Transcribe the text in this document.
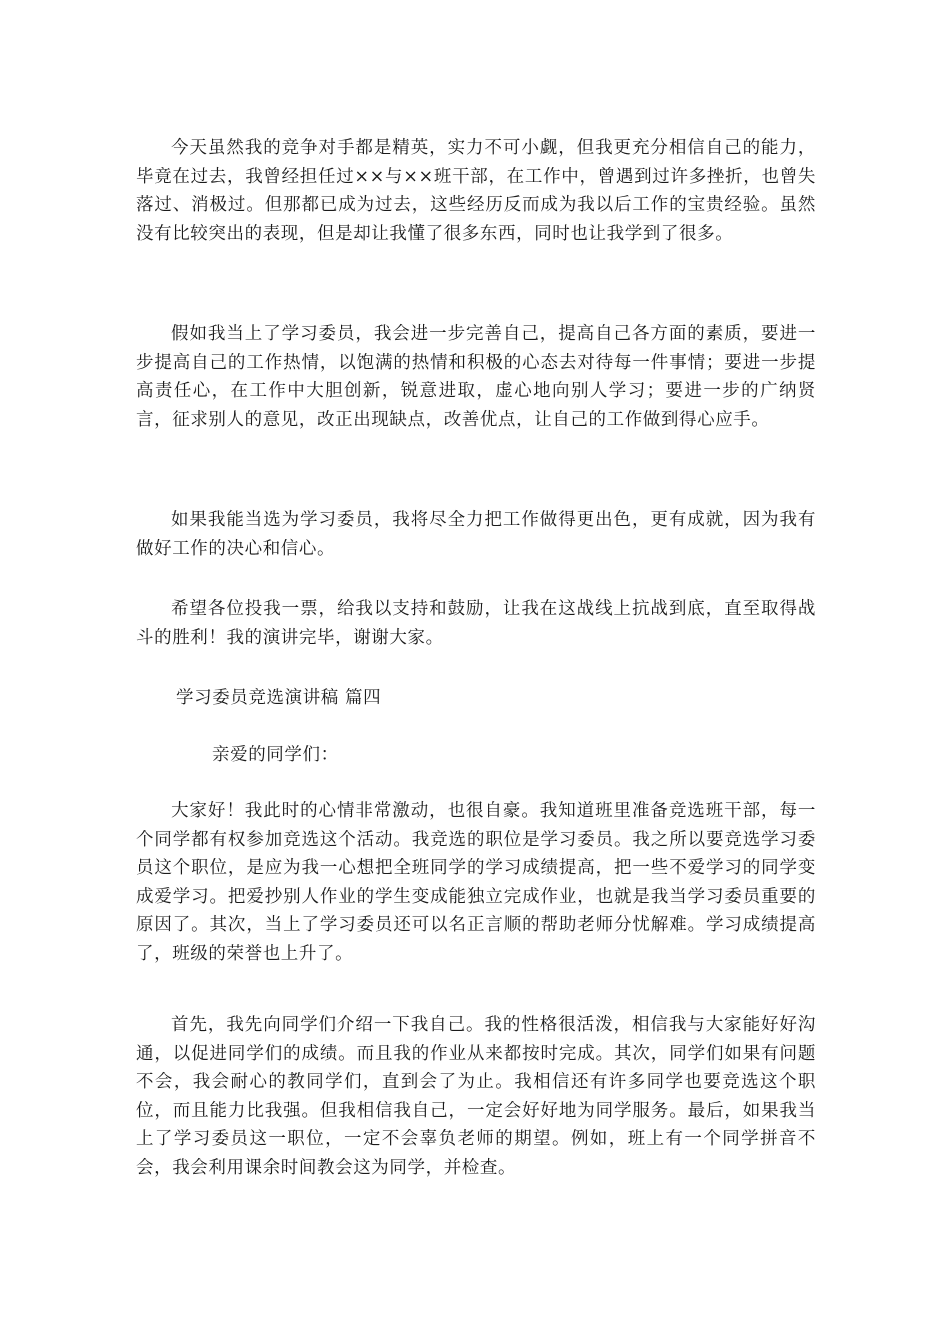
今天虽然我的竞争对手都是精英，实力不可小觑，但我更充分相信自己的能力，毕竟在过去，我曾经担任过××与××班干部，在工作中，曾遇到过许多挫折，也曾失落过、消极过。但那都已成为过去，这些经历反而成为我以后工作的宝贵经验。虽然没有比较突出的表现，但是却让我懂了很多东西，同时也让我学到了很多。

假如我当上了学习委员，我会进一步完善自己，提高自己各方面的素质，要进一步提高自己的工作热情，以饱满的热情和积极的心态去对待每一件事情；要进一步提高责任心，在工作中大胆创新，锐意进取，虚心地向别人学习；要进一步的广纳贤言，征求别人的意见，改正出现缺点，改善优点，让自己的工作做到得心应手。

如果我能当选为学习委员，我将尽全力把工作做得更出色，更有成就，因为我有做好工作的决心和信心。

希望各位投我一票，给我以支持和鼓励，让我在这战线上抗战到底，直至取得战斗的胜利！我的演讲完毕，谢谢大家。

学习委员竞选演讲稿 篇四

亲爱的同学们：

大家好！我此时的心情非常激动，也很自豪。我知道班里准备竞选班干部，每一个同学都有权参加竞选这个活动。我竞选的职位是学习委员。我之所以要竞选学习委员这个职位，是应为我一心想把全班同学的学习成绩提高，把一些不爱学习的同学变成爱学习。把爱抄别人作业的学生变成能独立完成作业，也就是我当学习委员重要的原因了。其次，当上了学习委员还可以名正言顺的帮助老师分忧解难。学习成绩提高了，班级的荣誉也上升了。

首先，我先向同学们介绍一下我自己。我的性格很活泼，相信我与大家能好好沟通，以促进同学们的成绩。而且我的作业从来都按时完成。其次，同学们如果有问题不会，我会耐心的教同学们，直到会了为止。我相信还有许多同学也要竞选这个职位，而且能力比我强。但我相信我自己，一定会好好地为同学服务。最后，如果我当上了学习委员这一职位，一定不会辜负老师的期望。例如，班上有一个同学拼音不会，我会利用课余时间教会这为同学，并检查。
